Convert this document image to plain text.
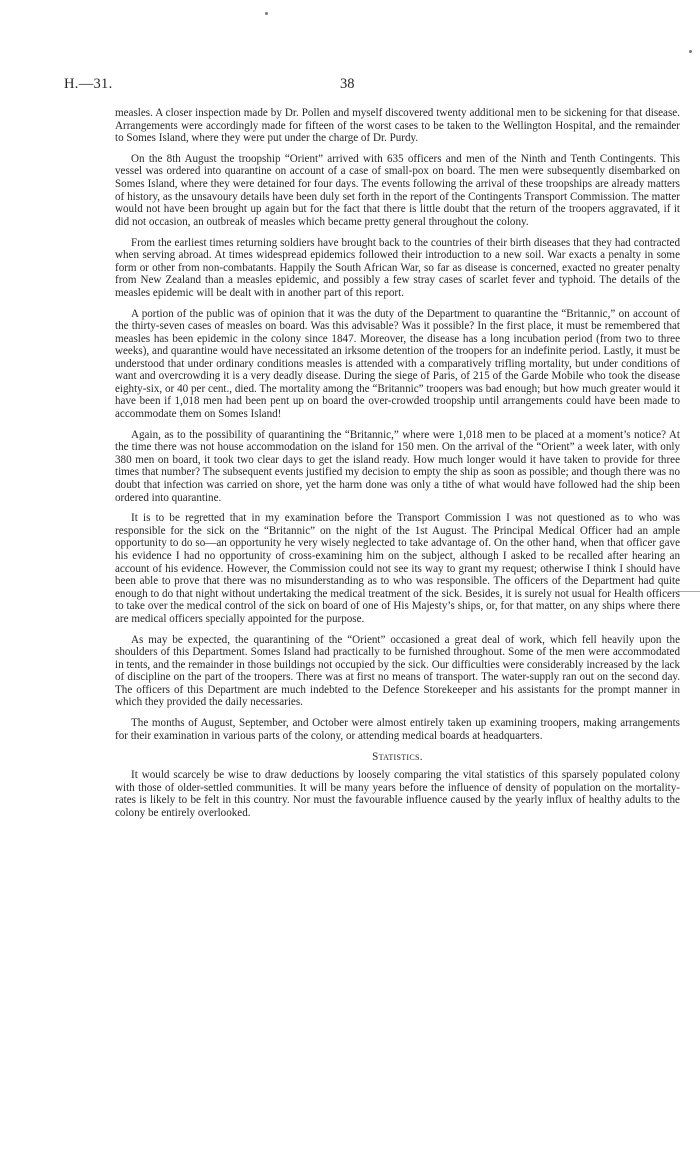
H.—31.	38

measles. A closer inspection made by Dr. Pollen and myself discovered twenty additional men to be sickening for that disease. Arrangements were accordingly made for fifteen of the worst cases to be taken to the Wellington Hospital, and the remainder to Somes Island, where they were put under the charge of Dr. Purdy.

On the 8th August the troopship “Orient” arrived with 635 officers and men of the Ninth and Tenth Contingents. This vessel was ordered into quarantine on account of a case of small-pox on board. The men were subsequently disembarked on Somes Island, where they were detained for four days. The events following the arrival of these troopships are already matters of history, as the unsavoury details have been duly set forth in the report of the Contingents Transport Commission. The matter would not have been brought up again but for the fact that there is little doubt that the return of the troopers aggravated, if it did not occasion, an outbreak of measles which became pretty general throughout the colony.

From the earliest times returning soldiers have brought back to the countries of their birth diseases that they had contracted when serving abroad. At times widespread epidemics followed their introduction to a new soil. War exacts a penalty in some form or other from non-combatants. Happily the South African War, so far as disease is concerned, exacted no greater penalty from New Zealand than a measles epidemic, and possibly a few stray cases of scarlet fever and typhoid. The details of the measles epidemic will be dealt with in another part of this report.

A portion of the public was of opinion that it was the duty of the Department to quarantine the “Britannic,” on account of the thirty-seven cases of measles on board. Was this advisable? Was it possible? In the first place, it must be remembered that measles has been epidemic in the colony since 1847. Moreover, the disease has a long incubation period (from two to three weeks), and quarantine would have necessitated an irksome detention of the troopers for an indefinite period. Lastly, it must be understood that under ordinary conditions measles is attended with a comparatively trifling mortality, but under conditions of want and overcrowding it is a very deadly disease. During the siege of Paris, of 215 of the Garde Mobile who took the disease eighty-six, or 40 per cent., died. The mortality among the “Britannic” troopers was bad enough; but how much greater would it have been if 1,018 men had been pent up on board the over-crowded troopship until arrangements could have been made to accommodate them on Somes Island!

Again, as to the possibility of quarantining the “Britannic,” where were 1,018 men to be placed at a moment’s notice? At the time there was not house accommodation on the island for 150 men. On the arrival of the “Orient” a week later, with only 380 men on board, it took two clear days to get the island ready. How much longer would it have taken to provide for three times that number? The subsequent events justified my decision to empty the ship as soon as possible; and though there was no doubt that infection was carried on shore, yet the harm done was only a tithe of what would have followed had the ship been ordered into quarantine.

It is to be regretted that in my examination before the Transport Commission I was not questioned as to who was responsible for the sick on the “Britannic” on the night of the 1st August. The Principal Medical Officer had an ample opportunity to do so—an opportunity he very wisely neglected to take advantage of. On the other hand, when that officer gave his evidence I had no opportunity of cross-examining him on the subject, although I asked to be recalled after hearing an account of his evidence. However, the Commission could not see its way to grant my request; otherwise I think I should have been able to prove that there was no misunderstanding as to who was responsible. The officers of the Department had quite enough to do that night without undertaking the medical treatment of the sick. Besides, it is surely not usual for Health officers to take over the medical control of the sick on board of one of His Majesty’s ships, or, for that matter, on any ships where there are medical officers specially appointed for the purpose.

As may be expected, the quarantining of the “Orient” occasioned a great deal of work, which fell heavily upon the shoulders of this Department. Somes Island had practically to be furnished throughout. Some of the men were accommodated in tents, and the remainder in those buildings not occupied by the sick. Our difficulties were considerably increased by the lack of discipline on the part of the troopers. There was at first no means of transport. The water-supply ran out on the second day. The officers of this Department are much indebted to the Defence Storekeeper and his assistants for the prompt manner in which they provided the daily necessaries.

The months of August, September, and October were almost entirely taken up examining troopers, making arrangements for their examination in various parts of the colony, or attending medical boards at headquarters.

Statistics.

It would scarcely be wise to draw deductions by loosely comparing the vital statistics of this sparsely populated colony with those of older-settled communities. It will be many years before the influence of density of population on the mortality-rates is likely to be felt in this country. Nor must the favourable influence caused by the yearly influx of healthy adults to the colony be entirely overlooked.
